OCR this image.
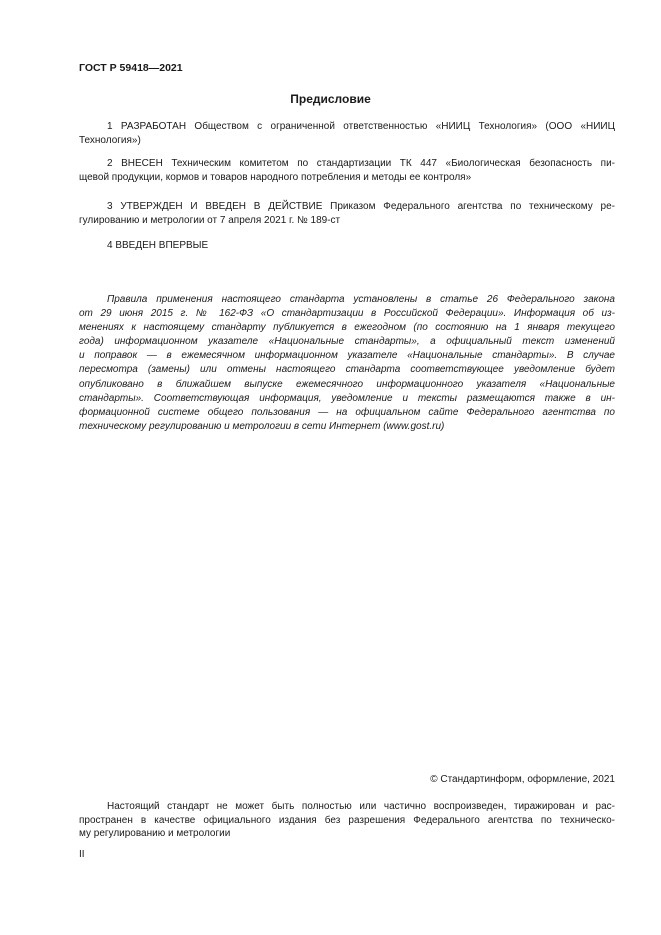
ГОСТ Р 59418—2021
Предисловие
1 РАЗРАБОТАН Обществом с ограниченной ответственностью «НИИЦ Технология» (ООО «НИИЦ
Технология»)
2 ВНЕСЕН Техническим комитетом по стандартизации ТК 447 «Биологическая безопасность пи-
щевой продукции, кормов и товаров народного потребления и методы ее контроля»
3 УТВЕРЖДЕН И ВВЕДЕН В ДЕЙСТВИЕ Приказом Федерального агентства по техническому ре-
гулированию и метрологии от 7 апреля 2021 г. № 189-ст
4 ВВЕДЕН ВПЕРВЫЕ
Правила применения настоящего стандарта установлены в статье 26 Федерального закона
от 29 июня 2015 г. № 162-ФЗ «О стандартизации в Российской Федерации». Информация об из-
менениях к настоящему стандарту публикуется в ежегодном (по состоянию на 1 января текущего
года) информационном указателе «Национальные стандарты», а официальный текст изменений
и поправок — в ежемесячном информационном указателе «Национальные стандарты». В случае
пересмотра (замены) или отмены настоящего стандарта соответствующее уведомление будет
опубликовано в ближайшем выпуске ежемесячного информационного указателя «Национальные
стандарты». Соответствующая информация, уведомление и тексты размещаются также в ин-
формационной системе общего пользования — на официальном сайте Федерального агентства по
техническому регулированию и метрологии в сети Интернет (www.gost.ru)
© Стандартинформ, оформление, 2021
Настоящий стандарт не может быть полностью или частично воспроизведен, тиражирован и рас-
пространен в качестве официального издания без разрешения Федерального агентства по техническо-
му регулированию и метрологии
II
